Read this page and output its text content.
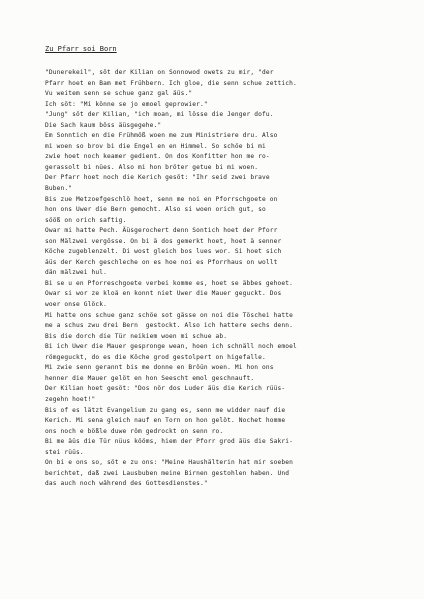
Zu Pfarr soi Born
"Dunerekeil", söt der Kilian on Sonnowod owets zu mir, "der
Pfarr hoet en Bam met Frühbern. Ich gloe, die senn schue zettich.
Vu weitem senn se schue ganz gal äüs."
Ich söt: "Mi könne se jo emoel geprowier."
"Jung" söt der Kilian, "ich moan, mi lösse die Jenger dofu.
Die Sach kaum böss äüsgegehe."
Em Sonntich en die Frühmöß woen me zum Ministriere dru. Also
mi woen so brov bi die Engel en en Himmel. So schöe bi mi
zwie hoet noch keamer gedient. On dos Konfitter hon me ro-
gerassolt bi nües. Also mi hon bröter getue bi mi woen.
Der Pfarr hoet noch die Kerich gesöt: "Ihr seid zwei brave
Buben."
Bis zue Metzoefgeschlö hoet, senn me noi en Pforrschgoete on
hon ons Uwer die Bern gemocht. Also si woen orich gut, so
sööß on orich saftig.
Owar mi hatte Pech. Äüsgerochert denn Sontich hoet der Pforr
son Mälzwei vergösse. On bi ä dos gemerkt hoet, hoet ä senner
Köche zugeblenzelt. Di wost gleich bos lues wor. Si hoet sich
äüs der Kerch geschleche on es hoe noi es Pforrhaus on wollt
dän mälzwei hul.
Bi se u en Pforreschgoete verbei komme es, hoet se äbbes gehoet.
Owar si wor ze kloä en konnt niet Uwer die Mauer geguckt. Dos
woer onse Glöck.
Mi hatte ons schue ganz schöe sot gässe on noi die Töschei hatte
me a schus zwu drei Bern  gestockt. Also ich hattere sechs denn.
Bis die dorch die Tür neikiem woen mi schue ab.
Bi ich Uwer die Mauer gespronge wean, hoen ich schnäll noch emoel
römgeguckt, do es die Köche grod gestolpert on higefalle.
Mi zwie senn gerannt bis me donne en Bröün woen. Mi hon ons
henner die Mauer gelöt en hon Seescht emol geschnauft.
Der Kilian hoet gesöt: "Dos nör dos Luder äüs die Kerich rüüs-
zegehn hoet!"
Bis of es lätzt Evangelium zu gang es, senn me widder nauf die
Kerich. Mi sena gleich nauf en Torn on hon gelöt. Nochet homme
ons noch e bößle duwe röm gedrockt on senn ro.
Bi me äüs die Tür nüus kööms, hiem der Pforr grod äüs die Sakri-
stei rüüs.
On bi e ons so, söt e zu ons: "Meine Haushälterin hat mir soeben
berichtet, daß zwei Lausbuben meine Birnen gestohlen haben. Und
das auch noch während des Gottesdienstes."
